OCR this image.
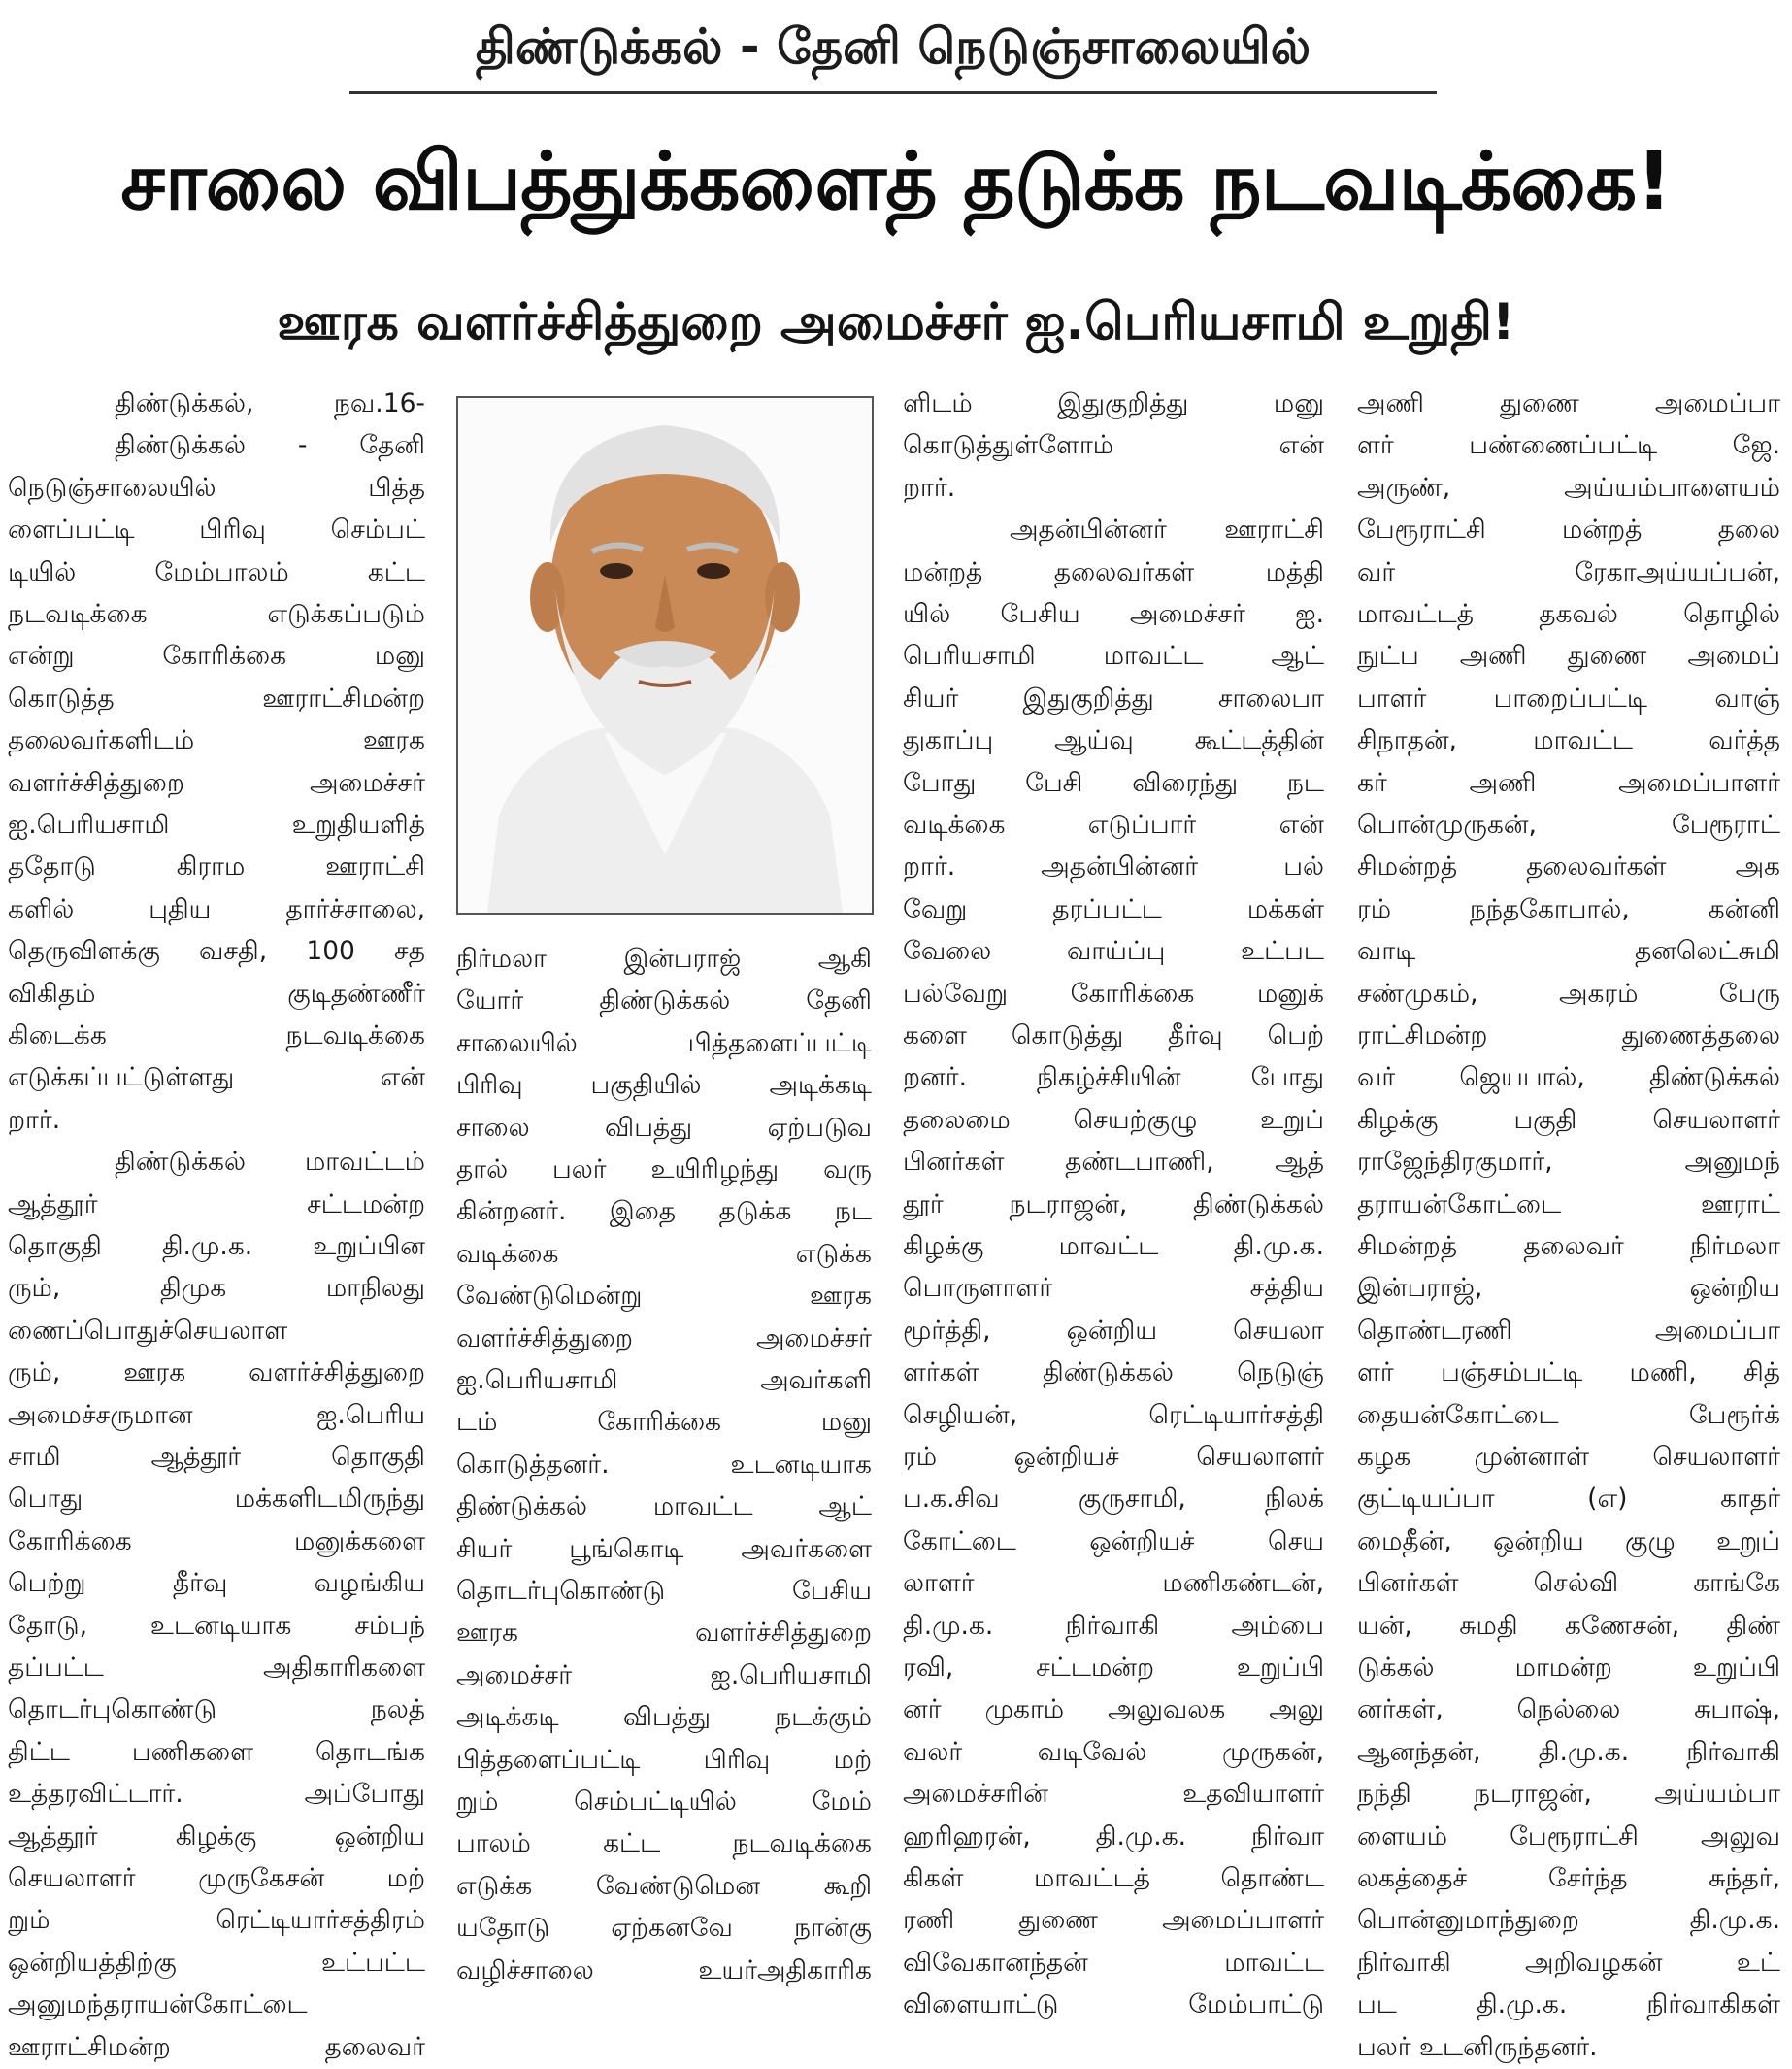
திண்டுக்கல் - தேனி நெடுஞ்சாலையில்
சாலை விபத்துக்களைத் தடுக்க நடவடிக்கை!
ஊரக வளர்ச்சித்துறை அமைச்சர் ஐ.பெரியசாமி உறுதி!
திண்டுக்கல், நவ.16-
திண்டுக்கல் - தேனி
நெடுஞ்சாலையில் பித்த
ளைப்பட்டி பிரிவு செம்பட்
டியில் மேம்பாலம் கட்ட
நடவடிக்கை எடுக்கப்படும்
என்று கோரிக்கை மனு
கொடுத்த ஊராட்சிமன்ற
தலைவர்களிடம் ஊரக
வளர்ச்சித்துறை அமைச்சர்
ஐ.பெரியசாமி உறுதியளித்
ததோடு கிராம ஊராட்சி
களில் புதிய தார்ச்சாலை,
தெருவிளக்கு வசதி, 100 சத
விகிதம் குடிதண்ணீர்
கிடைக்க நடவடிக்கை
எடுக்கப்பட்டுள்ளது என்
றார்.
திண்டுக்கல் மாவட்டம்
ஆத்தூர் சட்டமன்ற
தொகுதி தி.மு.க. உறுப்பின
ரும், திமுக மாநிலது
ணைப்பொதுச்செயலாள
ரும், ஊரக வளர்ச்சித்துறை
அமைச்சருமான ஐ.பெரிய
சாமி ஆத்தூர் தொகுதி
பொது மக்களிடமிருந்து
கோரிக்கை மனுக்களை
பெற்று தீர்வு வழங்கிய
தோடு, உடனடியாக சம்பந்
தப்பட்ட அதிகாரிகளை
தொடர்புகொண்டு நலத்
திட்ட பணிகளை தொடங்க
உத்தரவிட்டார். அப்போது
ஆத்தூர் கிழக்கு ஒன்றிய
செயலாளர் முருகேசன் மற்
றும் ரெட்டியார்சத்திரம்
ஒன்றியத்திற்கு உட்பட்ட
அனுமந்தராயன்கோட்டை
ஊராட்சிமன்ற தலைவர்
நிர்மலா இன்பராஜ் ஆகி
யோர் திண்டுக்கல் தேனி
சாலையில் பித்தளைப்பட்டி
பிரிவு பகுதியில் அடிக்கடி
சாலை விபத்து ஏற்படுவ
தால் பலர் உயிரிழந்து வரு
கின்றனர். இதை தடுக்க நட
வடிக்கை எடுக்க
வேண்டுமென்று ஊரக
வளர்ச்சித்துறை அமைச்சர்
ஐ.பெரியசாமி அவர்களி
டம் கோரிக்கை மனு
கொடுத்தனர். உடனடியாக
திண்டுக்கல் மாவட்ட ஆட்
சியர் பூங்கொடி அவர்களை
தொடர்புகொண்டு பேசிய
ஊரக வளர்ச்சித்துறை
அமைச்சர் ஐ.பெரியசாமி
அடிக்கடி விபத்து நடக்கும்
பித்தளைப்பட்டி பிரிவு மற்
றும் செம்பட்டியில் மேம்
பாலம் கட்ட நடவடிக்கை
எடுக்க வேண்டுமென கூறி
யதோடு ஏற்கனவே நான்கு
வழிச்சாலை உயர்அதிகாரிக
ளிடம் இதுகுறித்து மனு
கொடுத்துள்ளோம் என்
றார்.
அதன்பின்னர் ஊராட்சி
மன்றத் தலைவர்கள் மத்தி
யில் பேசிய அமைச்சர் ஐ.
பெரியசாமி மாவட்ட ஆட்
சியர் இதுகுறித்து சாலைபா
துகாப்பு ஆய்வு கூட்டத்தின்
போது பேசி விரைந்து நட
வடிக்கை எடுப்பார் என்
றார். அதன்பின்னர் பல்
வேறு தரப்பட்ட மக்கள்
வேலை வாய்ப்பு உட்பட
பல்வேறு கோரிக்கை மனுக்
களை கொடுத்து தீர்வு பெற்
றனர். நிகழ்ச்சியின் போது
தலைமை செயற்குழு உறுப்
பினர்கள் தண்டபாணி, ஆத்
தூர் நடராஜன், திண்டுக்கல்
கிழக்கு மாவட்ட தி.மு.க.
பொருளாளர் சத்திய
மூர்த்தி, ஒன்றிய செயலா
ளர்கள் திண்டுக்கல் நெடுஞ்
செழியன், ரெட்டியார்சத்தி
ரம் ஒன்றியச் செயலாளர்
ப.க.சிவ குருசாமி, நிலக்
கோட்டை ஒன்றியச் செய
லாளர் மணிகண்டன்,
தி.மு.க. நிர்வாகி அம்பை
ரவி, சட்டமன்ற உறுப்பி
னர் முகாம் அலுவலக அலு
வலர் வடிவேல் முருகன்,
அமைச்சரின் உதவியாளர்
ஹரிஹரன், தி.மு.க. நிர்வா
கிகள் மாவட்டத் தொண்ட
ரணி துணை அமைப்பாளர்
விவேகானந்தன் மாவட்ட
விளையாட்டு மேம்பாட்டு
அணி துணை அமைப்பா
ளர் பண்ணைப்பட்டி ஜே.
அருண், அய்யம்பாளையம்
பேரூராட்சி மன்றத் தலை
வர் ரேகாஅய்யப்பன்,
மாவட்டத் தகவல் தொழில்
நுட்ப அணி துணை அமைப்
பாளர் பாறைப்பட்டி வாஞ்
சிநாதன், மாவட்ட வர்த்த
கர் அணி அமைப்பாளர்
பொன்முருகன், பேரூராட்
சிமன்றத் தலைவர்கள் அக
ரம் நந்தகோபால், கன்னி
வாடி தனலெட்சுமி
சண்முகம், அகரம் பேரு
ராட்சிமன்ற துணைத்தலை
வர் ஜெயபால், திண்டுக்கல்
கிழக்கு பகுதி செயலாளர்
ராஜேந்திரகுமார், அனுமந்
தராயன்கோட்டை ஊராட்
சிமன்றத் தலைவர் நிர்மலா
இன்பராஜ், ஒன்றிய
தொண்டரணி அமைப்பா
ளர் பஞ்சம்பட்டி மணி, சித்
தையன்கோட்டை பேரூர்க்
கழக முன்னாள் செயலாளர்
குட்டியப்பா (எ) காதர்
மைதீன், ஒன்றிய குழு உறுப்
பினர்கள் செல்வி காங்கே
யன், சுமதி கணேசன், திண்
டுக்கல் மாமன்ற உறுப்பி
னர்கள், நெல்லை சுபாஷ்,
ஆனந்தன், தி.மு.க. நிர்வாகி
நந்தி நடராஜன், அய்யம்பா
ளையம் பேரூராட்சி அலுவ
லகத்தைச் சேர்ந்த சுந்தர்,
பொன்னுமாந்துறை தி.மு.க.
நிர்வாகி அறிவழகன் உட்
பட தி.மு.க. நிர்வாகிகள்
பலர் உடனிருந்தனர்.
